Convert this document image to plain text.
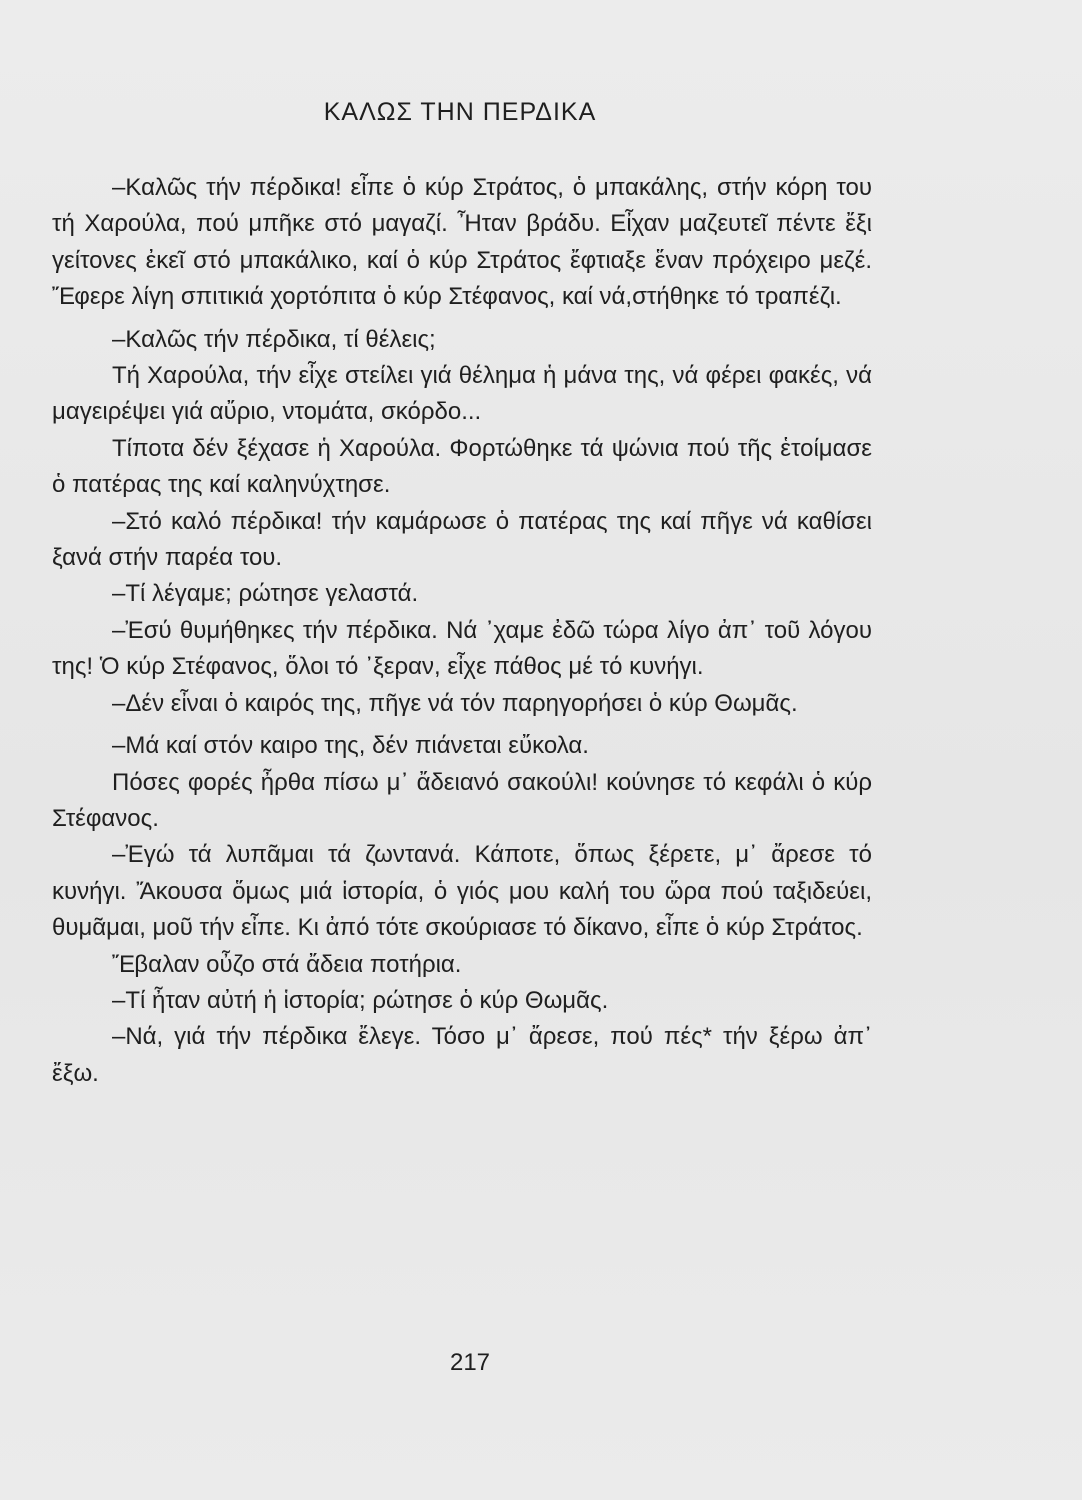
ΚΑΛΩΣ ΤΗΝ ΠΕΡΔΙΚΑ
–Καλῶς τήν πέρδικα! εἶπε ὁ κύρ Στράτος, ὁ μπακάλης, στήν κόρη του τή Χαρούλα, πού μπῆκε στό μαγαζί. Ἦταν βράδυ. Εἶχαν μαζευτεῖ πέντε ἔξι γείτονες ἐκεῖ στό μπακάλικο, καί ὁ κύρ Στράτος ἔφτιαξε ἕναν πρόχειρο μεζέ. Ἔφερε λίγη σπιτικιά χορτόπιτα ὁ κύρ Στέφανος, καί νά,στήθηκε τό τραπέζι.
–Καλῶς τήν πέρδικα, τί θέλεις;
Τή Χαρούλα, τήν εἶχε στείλει γιά θέλημα ἡ μάνα της, νά φέρει φακές, νά μαγειρέψει γιά αὔριο, ντομάτα, σκόρδο...
Τίποτα δέν ξέχασε ἡ Χαρούλα. Φορτώθηκε τά ψώνια πού τῆς ἑτοίμασε ὁ πατέρας της καί καληνύχτησε.
–Στό καλό πέρδικα! τήν καμάρωσε ὁ πατέρας της καί πῆγε νά καθίσει ξανά στήν παρέα του.
–Τί λέγαμε; ρώτησε γελαστά.
–Ἐσύ θυμήθηκες τήν πέρδικα. Νά ᾽χαμε ἐδῶ τώρα λίγο ἀπ᾽ τοῦ λόγου της! Ὁ κύρ Στέφανος, ὅλοι τό ᾽ξεραν, εἶχε πάθος μέ τό κυνήγι.
–Δέν εἶναι ὁ καιρός της, πῆγε νά τόν παρηγορήσει ὁ κύρ Θωμᾶς.
–Μά καί στόν καιρο της, δέν πιάνεται εὔκολα.
Πόσες φορές ἦρθα πίσω μ᾽ ἄδειανό σακούλι! κούνησε τό κεφάλι ὁ κύρ Στέφανος.
–Ἐγώ τά λυπᾶμαι τά ζωντανά. Κάποτε, ὅπως ξέρετε, μ᾽ ἄρεσε τό κυνήγι. Ἄκουσα ὅμως μιά ἱστορία, ὁ γιός μου καλή του ὥρα πού ταξιδεύει, θυμᾶμαι, μοῦ τήν εἶπε. Κι ἀπό τότε σκούριασε τό δίκανο, εἶπε ὁ κύρ Στράτος.
Ἔβαλαν οὖζο στά ἄδεια ποτήρια.
–Τί ἦταν αὐτή ἡ ἱστορία; ρώτησε ὁ κύρ Θωμᾶς.
–Νά, γιά τήν πέρδικα ἔλεγε. Τόσο μ᾽ ἄρεσε, πού πές* τήν ξέρω ἀπ᾽ ἔξω.
217
